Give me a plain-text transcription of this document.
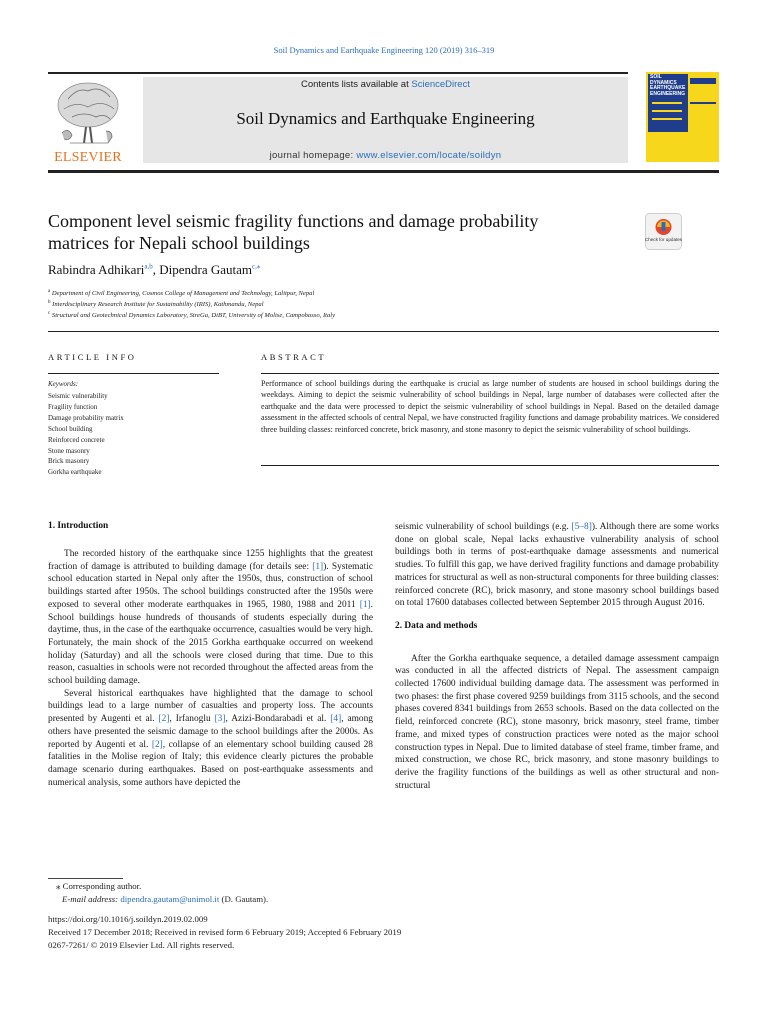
Soil Dynamics and Earthquake Engineering 120 (2019) 316–319
ELSEVIER
Contents lists available at ScienceDirect
Soil Dynamics and Earthquake Engineering
journal homepage: www.elsevier.com/locate/soildyn
SOIL
DYNAMICS
EARTHQUAKE
ENGINEERING
Component level seismic fragility functions and damage probability
matrices for Nepali school buildings	Check for updates
Rabindra Adhikari$^{a,b}$, Dipendra Gautam$^{c,⁎}$
$^a$ Department of Civil Engineering, Cosmos College of Management and Technology, Lalitpur, Nepal
$^b$ Interdisciplinary Research Institute for Sustainability (IRIS), Kathmandu, Nepal
$^c$ Structural and Geotechnical Dynamics Laboratory, StreGa, DiBT, University of Molise, Campobasso, Italy
ARTICLE INFO
Keywords:
Seismic vulnerability
Fragility function
Damage probability matrix
School building
Reinforced concrete
Stone masonry
Brick masonry
Gorkha earthquake
ABSTRACT
Performance of school buildings during the earthquake is crucial as large number of students are housed in school buildings during the weekdays. Aiming to depict the seismic vulnerability of school buildings in Nepal, large number of databases were collected after the earthquake and the data were processed to depict the seismic vulnerability of school buildings in Nepal. Based on the detailed damage assessment in the affected schools of central Nepal, we have constructed fragility functions and damage probability matrices. We considered three building classes: reinforced concrete, brick masonry, and stone masonry to depict the seismic vulnerability of school buildings.
1. Introduction

The recorded history of the earthquake since 1255 highlights that the greatest fraction of damage is attributed to building damage (for details see: [1]). Systematic school education started in Nepal only after the 1950s, thus, construction of school buildings started after 1950s. The school buildings constructed after the 1950s were exposed to several other moderate earthquakes in 1965, 1980, 1988 and 2011 [1]. School buildings house hundreds of thousands of students especially during the daytime, thus, in the case of the earthquake occurrence, casualties would be very high. Fortunately, the main shock of the 2015 Gorkha earthquake occurred on weekend holiday (Saturday) and all the schools were closed during that time. Due to this reason, casualties in schools were not recorded throughout the affected areas from the school building damage.

Several historical earthquakes have highlighted that the damage to school buildings lead to a large number of casualties and property loss. The accounts presented by Augenti et al. [2], Irfanoglu [3], Azizi-Bondarabadi et al. [4], among others have presented the seismic damage to the school buildings after the 2000s. As reported by Augenti et al. [2], collapse of an elementary school building caused 28 fatalities in the Molise region of Italy; this evidence clearly pictures the probable damage scenario during earthquakes. Based on post-earthquake assessments and numerical analysis, some authors have depicted the

seismic vulnerability of school buildings (e.g. [5–8]). Although there are some works done on global scale, Nepal lacks exhaustive vulnerability analysis of school buildings both in terms of post-earthquake damage assessments and numerical studies. To fulfill this gap, we have derived fragility functions and damage probability matrices for structural as well as non-structural components for three building classes: reinforced concrete (RC), brick masonry, and stone masonry school buildings based on total 17600 databases collected between September 2015 through August 2016.

2. Data and methods

After the Gorkha earthquake sequence, a detailed damage assessment campaign was conducted in all the affected districts of Nepal. The assessment campaign collected 17600 individual building damage data. The assessment was performed in two phases: the first phase covered 9259 buildings from 3115 schools, and the second phases covered 8341 buildings from 2653 schools. Based on the data collected on the field, reinforced concrete (RC), stone masonry, brick masonry, steel frame, timber frame, and mixed types of construction practices were noted as the major school construction types in Nepal. Due to limited database of steel frame, timber frame, and mixed construction, we chose RC, brick masonry, and stone masonry buildings to derive the fragility functions of the buildings as well as other structural and non-structural

⁎ Corresponding author.
E-mail address: dipendra.gautam@unimol.it (D. Gautam).
https://doi.org/10.1016/j.soildyn.2019.02.009
Received 17 December 2018; Received in revised form 6 February 2019; Accepted 6 February 2019
0267-7261/ © 2019 Elsevier Ltd. All rights reserved.
